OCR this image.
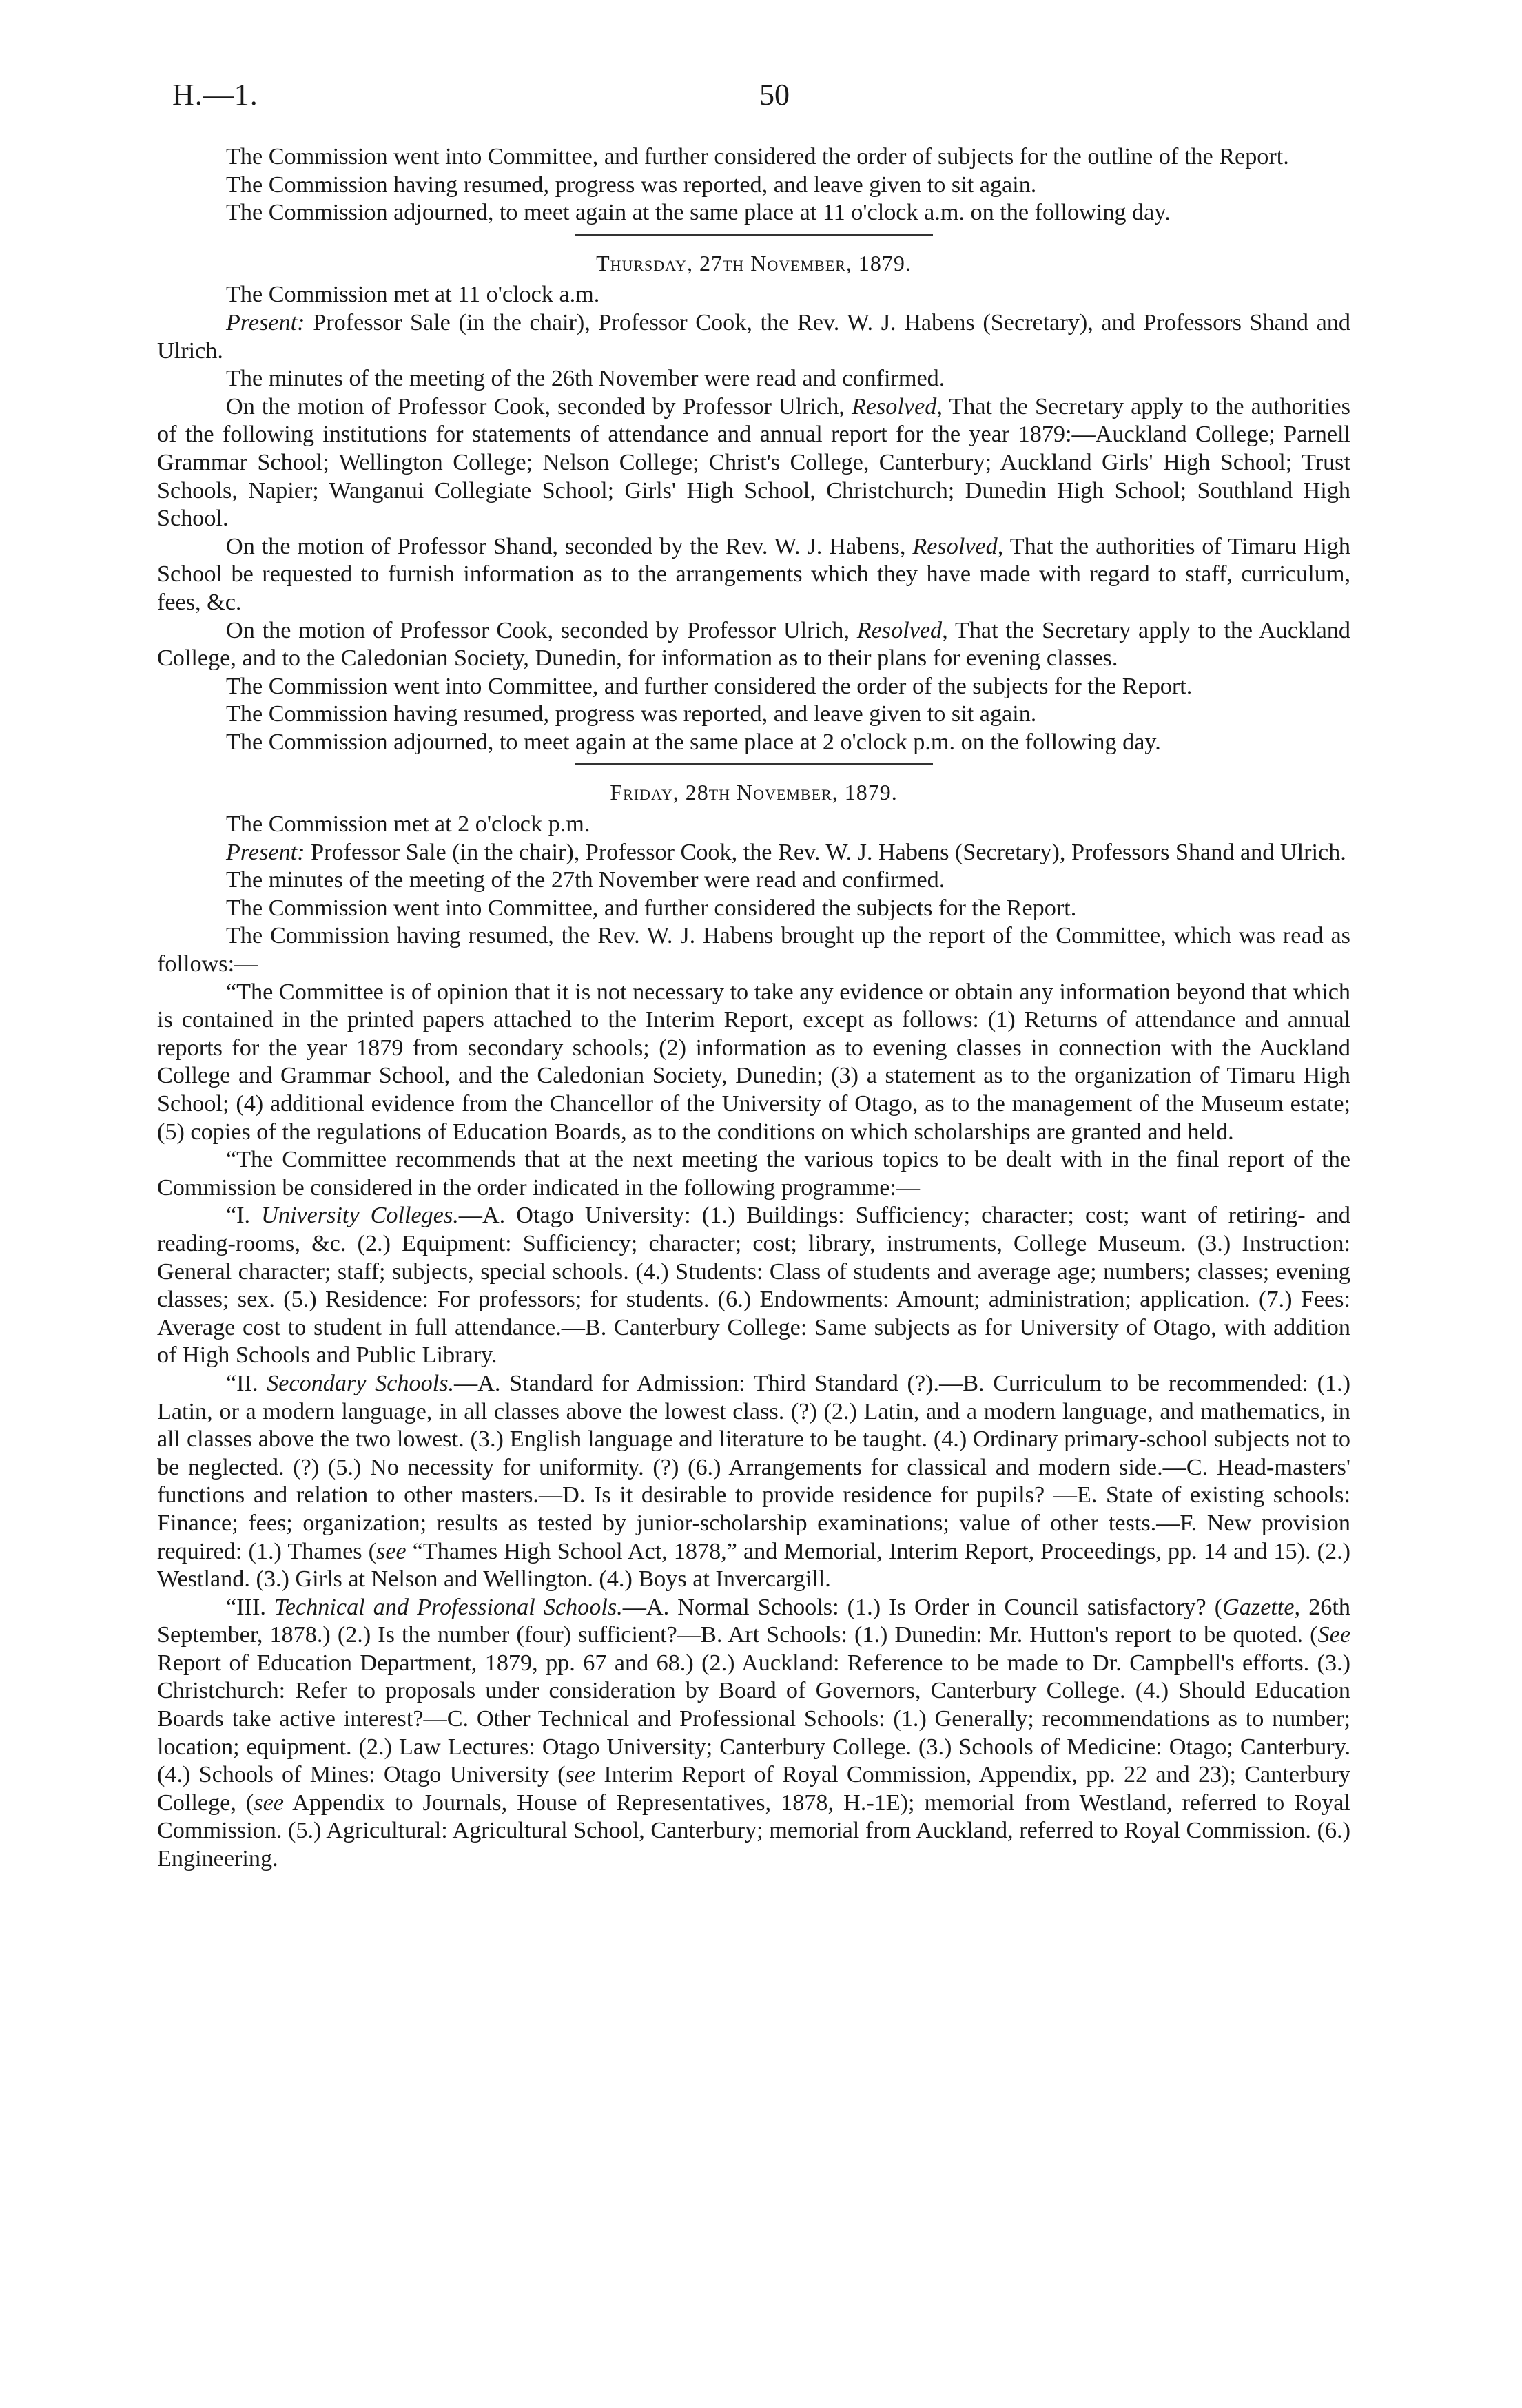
H.—1.	50

The Commission went into Committee, and further considered the order of subjects for the outline of the Report.

The Commission having resumed, progress was reported, and leave given to sit again.

The Commission adjourned, to meet again at the same place at 11 o'clock a.m. on the following day.

Thursday, 27th November, 1879.

The Commission met at 11 o'clock a.m.

Present: Professor Sale (in the chair), Professor Cook, the Rev. W. J. Habens (Secretary), and Professors Shand and Ulrich.

The minutes of the meeting of the 26th November were read and confirmed.

On the motion of Professor Cook, seconded by Professor Ulrich, Resolved, That the Secretary apply to the authorities of the following institutions for statements of attendance and annual report for the year 1879:—Auckland College; Parnell Grammar School; Wellington College; Nelson College; Christ's College, Canterbury; Auckland Girls' High School; Trust Schools, Napier; Wanganui Collegiate School; Girls' High School, Christchurch; Dunedin High School; Southland High School.

On the motion of Professor Shand, seconded by the Rev. W. J. Habens, Resolved, That the authorities of Timaru High School be requested to furnish information as to the arrangements which they have made with regard to staff, curriculum, fees, &c.

On the motion of Professor Cook, seconded by Professor Ulrich, Resolved, That the Secretary apply to the Auckland College, and to the Caledonian Society, Dunedin, for information as to their plans for evening classes.

The Commission went into Committee, and further considered the order of the subjects for the Report.

The Commission having resumed, progress was reported, and leave given to sit again.

The Commission adjourned, to meet again at the same place at 2 o'clock p.m. on the following day.

Friday, 28th November, 1879.

The Commission met at 2 o'clock p.m.

Present: Professor Sale (in the chair), Professor Cook, the Rev. W. J. Habens (Secretary), Professors Shand and Ulrich.

The minutes of the meeting of the 27th November were read and confirmed.

The Commission went into Committee, and further considered the subjects for the Report.

The Commission having resumed, the Rev. W. J. Habens brought up the report of the Committee, which was read as follows:—

“The Committee is of opinion that it is not necessary to take any evidence or obtain any information beyond that which is contained in the printed papers attached to the Interim Report, except as follows: (1) Returns of attendance and annual reports for the year 1879 from secondary schools; (2) information as to evening classes in connection with the Auckland College and Grammar School, and the Caledonian Society, Dunedin; (3) a statement as to the organization of Timaru High School; (4) additional evidence from the Chancellor of the University of Otago, as to the management of the Museum estate; (5) copies of the regulations of Education Boards, as to the conditions on which scholarships are granted and held.

“The Committee recommends that at the next meeting the various topics to be dealt with in the final report of the Commission be considered in the order indicated in the following programme:—

“I. University Colleges.—A. Otago University: (1.) Buildings: Sufficiency; character; cost; want of retiring- and reading-rooms, &c. (2.) Equipment: Sufficiency; character; cost; library, instruments, College Museum. (3.) Instruction: General character; staff; subjects, special schools. (4.) Students: Class of students and average age; numbers; classes; evening classes; sex. (5.) Residence: For professors; for students. (6.) Endowments: Amount; administration; application. (7.) Fees: Average cost to student in full attendance.—B. Canterbury College: Same subjects as for University of Otago, with addition of High Schools and Public Library.

“II. Secondary Schools.—A. Standard for Admission: Third Standard (?).—B. Curriculum to be recommended: (1.) Latin, or a modern language, in all classes above the lowest class. (?) (2.) Latin, and a modern language, and mathematics, in all classes above the two lowest. (3.) English language and literature to be taught. (4.) Ordinary primary-school subjects not to be neglected. (?) (5.) No necessity for uniformity. (?) (6.) Arrangements for classical and modern side.—C. Head-masters' functions and relation to other masters.—D. Is it desirable to provide residence for pupils? —E. State of existing schools: Finance; fees; organization; results as tested by junior-scholarship examinations; value of other tests.—F. New provision required: (1.) Thames (see “Thames High School Act, 1878,” and Memorial, Interim Report, Proceedings, pp. 14 and 15). (2.) Westland. (3.) Girls at Nelson and Wellington. (4.) Boys at Invercargill.

“III. Technical and Professional Schools.—A. Normal Schools: (1.) Is Order in Council satisfactory? (Gazette, 26th September, 1878.) (2.) Is the number (four) sufficient?—B. Art Schools: (1.) Dunedin: Mr. Hutton's report to be quoted. (See Report of Education Department, 1879, pp. 67 and 68.) (2.) Auckland: Reference to be made to Dr. Campbell's efforts. (3.) Christchurch: Refer to proposals under consideration by Board of Governors, Canterbury College. (4.) Should Education Boards take active interest?—C. Other Technical and Professional Schools: (1.) Generally; recommendations as to number; location; equipment. (2.) Law Lectures: Otago University; Canterbury College. (3.) Schools of Medicine: Otago; Canterbury. (4.) Schools of Mines: Otago University (see Interim Report of Royal Commission, Appendix, pp. 22 and 23); Canterbury College, (see Appendix to Journals, House of Representatives, 1878, H.-1E); memorial from Westland, referred to Royal Commission. (5.) Agricultural: Agricultural School, Canterbury; memorial from Auckland, referred to Royal Commission. (6.) Engineering.
